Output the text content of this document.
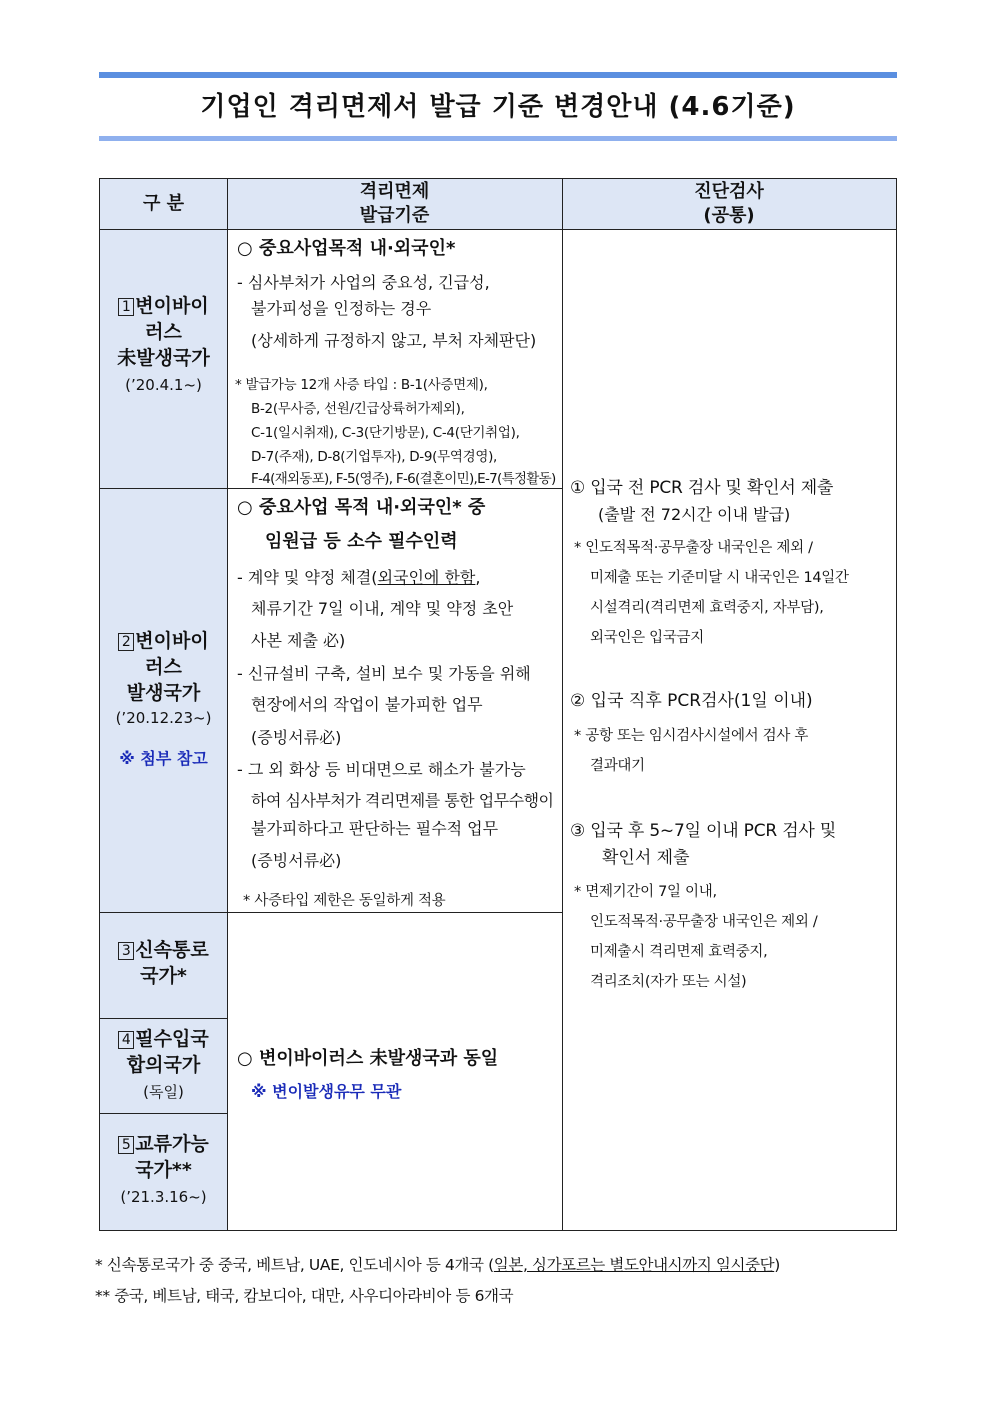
기업인 격리면제서 발급 기준 변경안내 (4.6기준)
구 분
격리면제
발급기준
진단검사
(공통)
1 변이바이
러스
未발생국가
(’20.4.1~)
2 변이바이
러스
발생국가
(’20.12.23~)
※ 첨부 참고
3 신속통로
국가*
4 필수입국
합의국가
(독일)
5 교류가능
국가**
(’21.3.16~)
○ 중요사업목적 내·외국인*
- 심사부처가 사업의 중요성, 긴급성,
불가피성을 인정하는 경우
(상세하게 규정하지 않고, 부처 자체판단)
* 발급가능 12개 사증 타입 : B-1(사증면제),
B-2(무사증, 선원/긴급상륙허가제외),
C-1(일시취재), C-3(단기방문), C-4(단기취업),
D-7(주재), D-8(기업투자), D-9(무역경영),
F-4(재외동포), F-5(영주), F-6(결혼이민),E-7(특정활동)
○ 중요사업 목적 내·외국인* 중
임원급 등 소수 필수인력
- 계약 및 약정 체결(외국인에 한함,
체류기간 7일 이내, 계약 및 약정 초안
사본 제출 必)
- 신규설비 구축, 설비 보수 및 가동을 위해
현장에서의 작업이 불가피한 업무
(증빙서류必)
- 그 외 화상 등 비대면으로 해소가 불가능
하여 심사부처가 격리면제를 통한 업무수행이
불가피하다고 판단하는 필수적 업무
(증빙서류必)
* 사증타입 제한은 동일하게 적용
○ 변이바이러스 未발생국과 동일
※ 변이발생유무 무관
① 입국 전 PCR 검사 및 확인서 제출
(출발 전 72시간 이내 발급)
* 인도적목적·공무출장 내국인은 제외 /
미제출 또는 기준미달 시 내국인은 14일간
시설격리(격리면제 효력중지, 자부담),
외국인은 입국금지
② 입국 직후 PCR검사(1일 이내)
* 공항 또는 임시검사시설에서 검사 후
결과대기
③ 입국 후 5~7일 이내 PCR 검사 및
확인서 제출
* 면제기간이 7일 이내,
인도적목적·공무출장 내국인은 제외 /
미제출시 격리면제 효력중지,
격리조치(자가 또는 시설)
* 신속통로국가 중 중국, 베트남, UAE, 인도네시아 등 4개국 (일본, 싱가포르는 별도안내시까지 일시중단)
** 중국, 베트남, 태국, 캄보디아, 대만, 사우디아라비아 등 6개국
